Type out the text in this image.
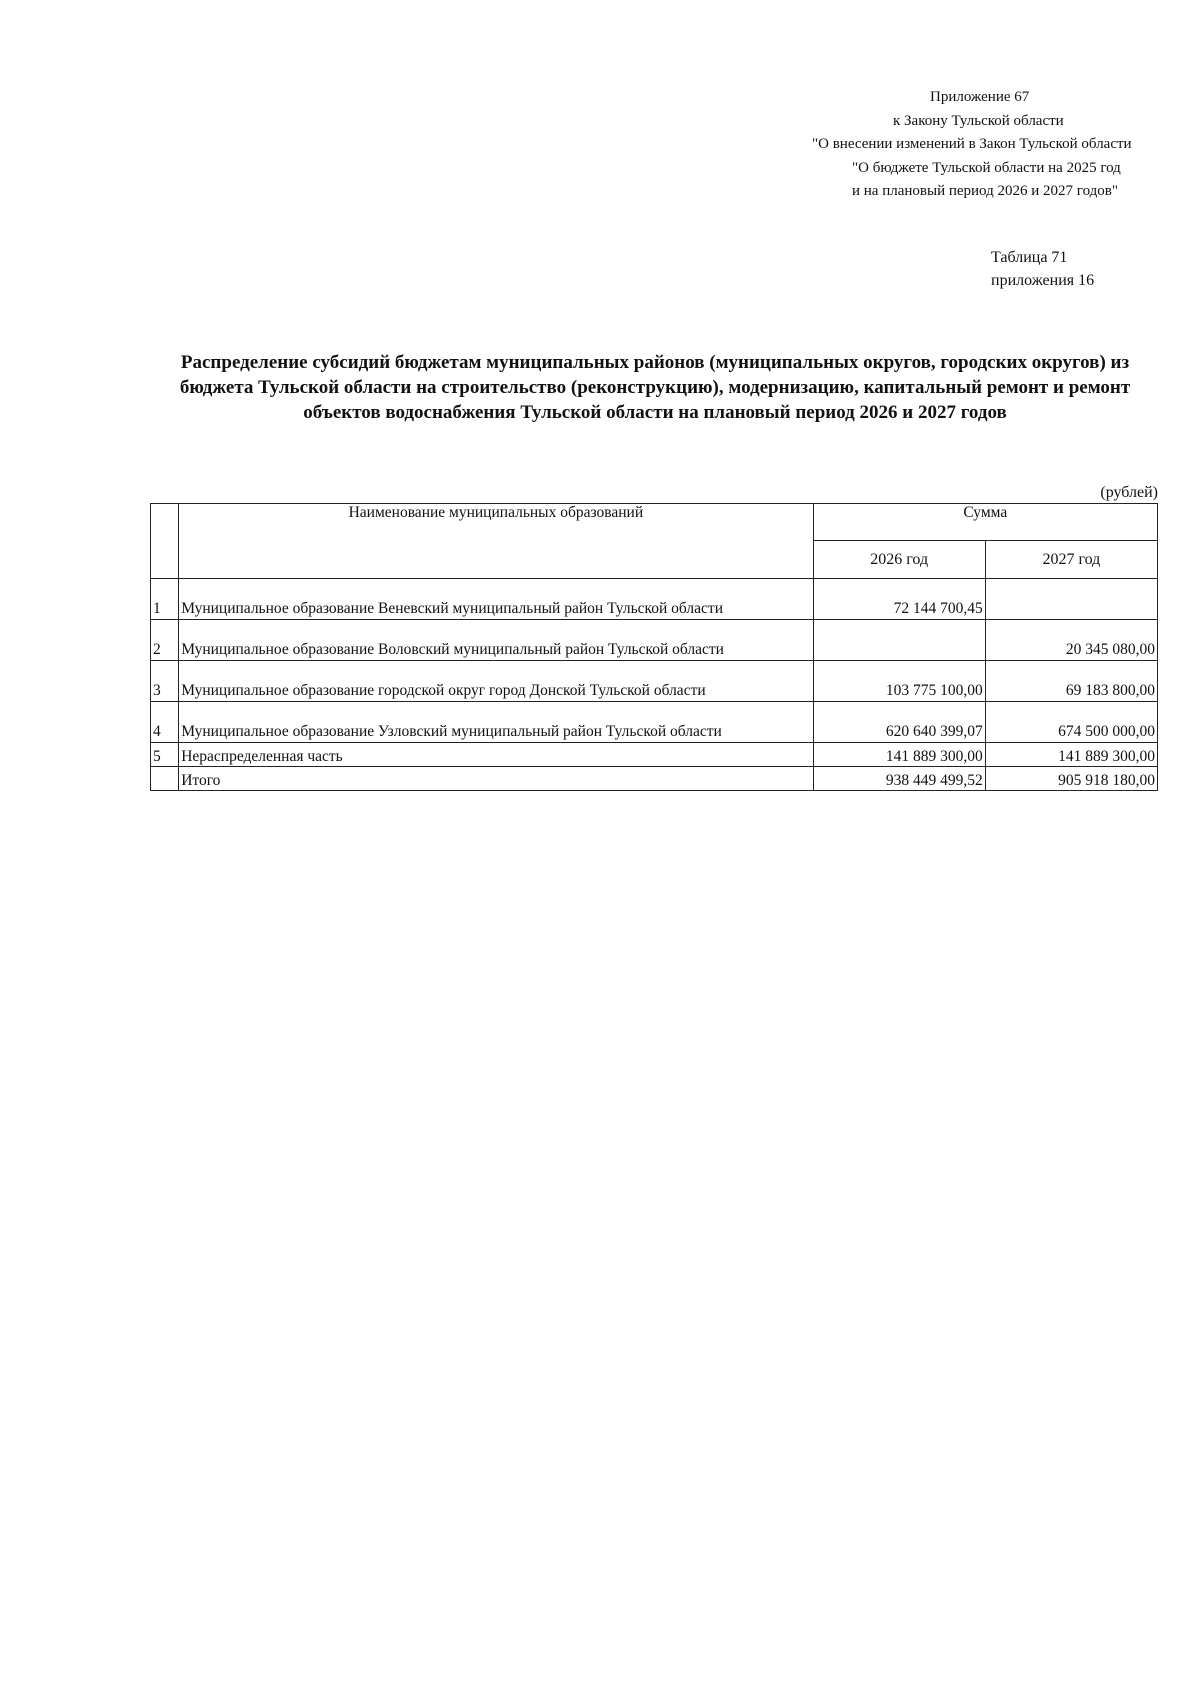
Приложение 67
к Закону Тульской области
"О внесении изменений в Закон Тульской области
"О бюджете Тульской области на 2025 год
и на плановый период 2026 и 2027 годов"
Таблица 71
приложения 16
Распределение субсидий бюджетам муниципальных районов (муниципальных округов, городских округов) из
бюджета Тульской области на строительство (реконструкцию), модернизацию, капитальный ремонт и ремонт
объектов водоснабжения Тульской области на плановый период 2026 и 2027 годов
(рублей)
	Наименование муниципальных образований	Сумма	
		2026 год	2027 год
1	Муниципальное образование Веневский муниципальный район Тульской области	72 144 700,45	
2	Муниципальное образование Воловский муниципальный район Тульской области		20 345 080,00
3	Муниципальное образование городской округ город Донской Тульской области	103 775 100,00	69 183 800,00
4	Муниципальное образование Узловский муниципальный район Тульской области	620 640 399,07	674 500 000,00
5	Нераспределенная часть	141 889 300,00	141 889 300,00
	Итого	938 449 499,52	905 918 180,00
